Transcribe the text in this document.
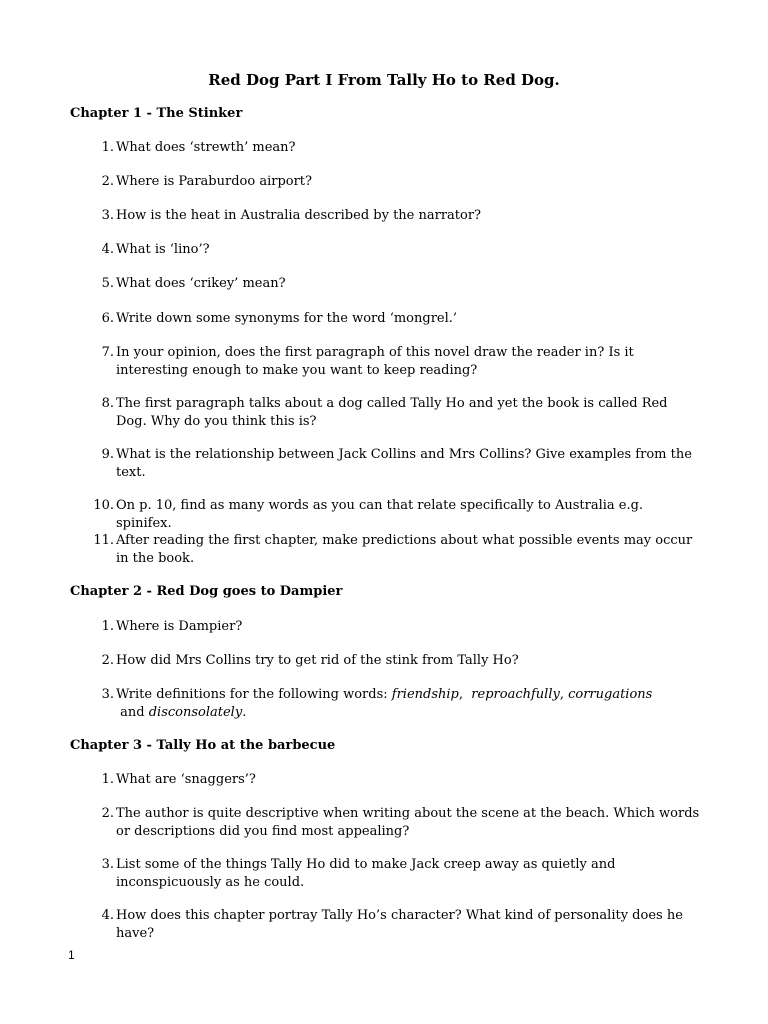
Red Dog Part I From Tally Ho to Red Dog.
Chapter 1 - The Stinker
1. What does ‘strewth’ mean?
2. Where is Paraburdoo airport?
3. How is the heat in Australia described by the narrator?
4. What is ‘lino’?
5. What does ‘crikey’ mean?
6. Write down some synonyms for the word ‘mongrel.’
7. In your opinion, does the first paragraph of this novel draw the reader in? Is it interesting enough to make you want to keep reading?
8. The first paragraph talks about a dog called Tally Ho and yet the book is called Red Dog. Why do you think this is?
9. What is the relationship between Jack Collins and Mrs Collins? Give examples from the text.
10. On p. 10, find as many words as you can that relate specifically to Australia e.g. spinifex.
11. After reading the first chapter, make predictions about what possible events may occur in the book.
Chapter 2 - Red Dog goes to Dampier
1. Where is Dampier?
2. How did Mrs Collins try to get rid of the stink from Tally Ho?
3. Write definitions for the following words: friendship,  reproachfully, corrugations and disconsolately.
Chapter 3 - Tally Ho at the barbecue
1. What are ‘snaggers’?
2. The author is quite descriptive when writing about the scene at the beach. Which words or descriptions did you find most appealing?
3. List some of the things Tally Ho did to make Jack creep away as quietly and inconspicuously as he could.
4. How does this chapter portray Tally Ho’s character? What kind of personality does he have?
1
